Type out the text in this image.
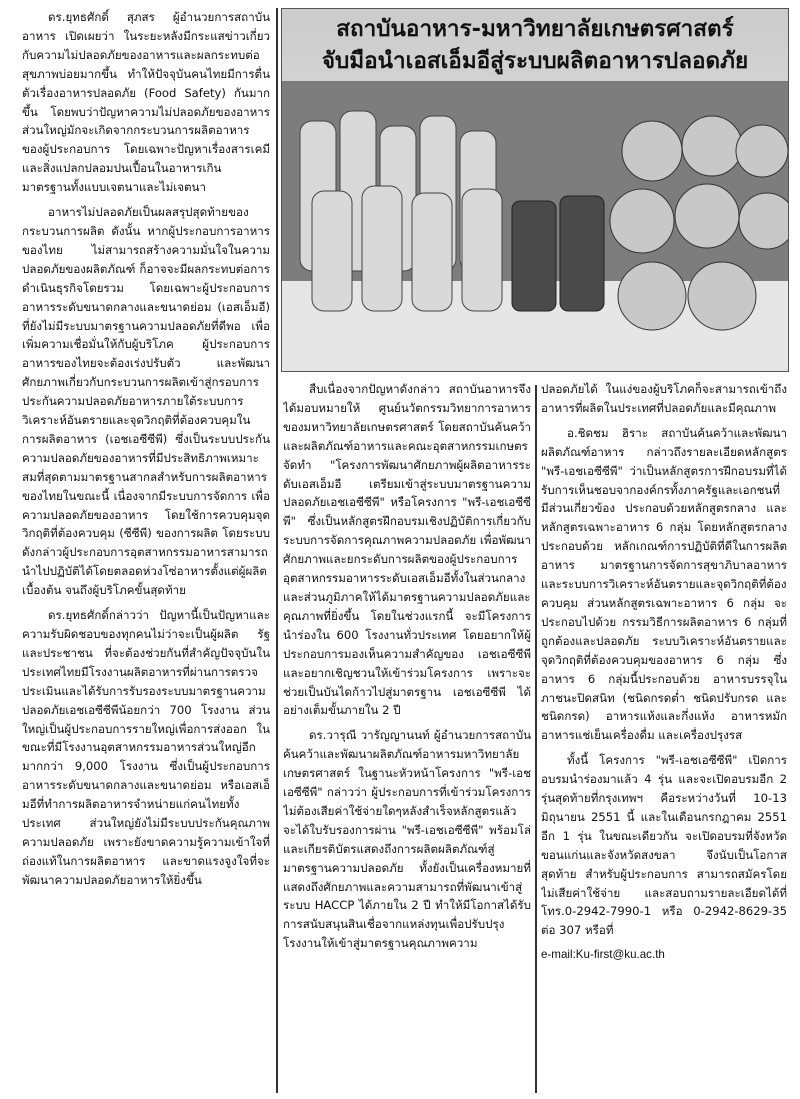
สถาบันอาหาร-มหาวิทยาลัยเกษตรศาสตร์
จับมือนำเอสเอ็มอีสู่ระบบผลิตอาหารปลอดภัย

ดร.ยุทธศักดิ์ สุภสร ผู้อำนวยการสถาบันอาหาร เปิดเผยว่า ในระยะหลังมีกระแสข่าวเกี่ยวกับความไม่ปลอดภัยของอาหารและผลกระทบต่อสุขภาพบ่อยมากขึ้น ทำให้ปัจจุบันคนไทยมีการตื่นตัวเรื่องอาหารปลอดภัย (Food Safety) กันมากขึ้น โดยพบว่าปัญหาความไม่ปลอดภัยของอาหารส่วนใหญ่มักจะเกิดจากกระบวนการผลิตอาหารของผู้ประกอบการ โดยเฉพาะปัญหาเรื่องสารเคมีและสิ่งแปลกปลอมปนเปื้อนในอาหารเกินมาตรฐานทั้งแบบเจตนาและไม่เจตนา

อาหารไม่ปลอดภัยเป็นผลสรุปสุดท้ายของกระบวนการผลิต ดังนั้น หากผู้ประกอบการอาหารของไทย ไม่สามารถสร้างความมั่นใจในความปลอดภัยของผลิตภัณฑ์ ก็อาจจะมีผลกระทบต่อการดำเนินธุรกิจโดยรวม โดยเฉพาะผู้ประกอบการอาหารระดับขนาดกลางและขนาดย่อม (เอสเอ็มอี) ที่ยังไม่มีระบบมาตรฐานความปลอดภัยที่ดีพอ เพื่อเพิ่มความเชื่อมั่นให้กับผู้บริโภค ผู้ประกอบการอาหารของไทยจะต้องเร่งปรับตัว และพัฒนาศักยภาพเกี่ยวกับกระบวนการผลิตเข้าสู่กรอบการประกันความปลอดภัยอาหารภายใต้ระบบการวิเคราะห์อันตรายและจุดวิกฤติที่ต้องควบคุมในการผลิตอาหาร (เอชเอซีซีพี) ซึ่งเป็นระบบประกันความปลอดภัยของอาหารที่มีประสิทธิภาพเหมาะสมที่สุดตามมาตรฐานสากลสำหรับการผลิตอาหารของไทยในขณะนี้ เนื่องจากมีระบบการจัดการ เพื่อความปลอดภัยของอาหาร โดยใช้การควบคุมจุดวิกฤติที่ต้องควบคุม (ซีซีพี) ของการผลิต โดยระบบดังกล่าวผู้ประกอบการอุตสาหกรรมอาหารสามารถนำไปปฏิบัติได้โดยตลอดห่วงโซ่อาหารตั้งแต่ผู้ผลิตเบื้องต้น จนถึงผู้บริโภคขั้นสุดท้าย

ดร.ยุทธศักดิ์กล่าวว่า ปัญหานี้เป็นปัญหาและความรับผิดชอบของทุกคนไม่ว่าจะเป็นผู้ผลิต รัฐ และประชาชน ที่จะต้องช่วยกันที่สำคัญปัจจุบันในประเทศไทยมีโรงงานผลิตอาหารที่ผ่านการตรวจประเมินและได้รับการรับรองระบบมาตรฐานความปลอดภัยเอชเอซีซีพีน้อยกว่า 700 โรงงาน ส่วนใหญ่เป็นผู้ประกอบการรายใหญ่เพื่อการส่งออก ในขณะที่มีโรงงานอุตสาหกรรมอาหารส่วนใหญ่อีกมากกว่า 9,000 โรงงาน ซึ่งเป็นผู้ประกอบการอาหารระดับขนาดกลางและขนาดย่อม หรือเอสเอ็มอีที่ทำการผลิตอาหารจำหน่ายแก่คนไทยทั้งประเทศ ส่วนใหญ่ยังไม่มีระบบประกันคุณภาพความปลอดภัย เพราะยังขาดความรู้ความเข้าใจที่ถ่องแท้ในการผลิตอาหาร และขาดแรงจูงใจที่จะพัฒนาความปลอดภัยอาหารให้ยิ่งขึ้น

สืบเนื่องจากปัญหาดังกล่าว สถาบันอาหารจึงได้มอบหมายให้ ศูนย์นวัตกรรมวิทยาการอาหารของมหาวิทยาลัยเกษตรศาสตร์ โดยสถาบันค้นคว้าและผลิตภัณฑ์อาหารและคณะอุตสาหกรรมเกษตร จัดทำ "โครงการพัฒนาศักยภาพผู้ผลิตอาหารระดับเอสเอ็มอี เตรียมเข้าสู่ระบบมาตรฐานความปลอดภัยเอชเอซีซีพี" หรือโครงการ "พรี-เอชเอซีซีพี" ซึ่งเป็นหลักสูตรฝึกอบรมเชิงปฏิบัติการเกี่ยวกับระบบการจัดการคุณภาพความปลอดภัย เพื่อพัฒนาศักยภาพและยกระดับการผลิตของผู้ประกอบการอุตสาหกรรมอาหารระดับเอสเอ็มอีทั้งในส่วนกลางและส่วนภูมิภาคให้ได้มาตรฐานความปลอดภัยและคุณภาพที่ยิ่งขึ้น โดยในช่วงแรกนี้ จะมีโครงการนำร่องใน 600 โรงงานทั่วประเทศ โดยอยากให้ผู้ประกอบการมองเห็นความสำคัญของ เอชเอซีซีพี และอยากเชิญชวนให้เข้าร่วมโครงการ เพราะจะช่วยเป็นบันไดก้าวไปสู่มาตรฐาน เอชเอซีซีพี ได้อย่างเต็มขั้นภายใน 2 ปี

ดร.วารุณี วารัญญานนท์ ผู้อำนวยการสถาบันค้นคว้าและพัฒนาผลิตภัณฑ์อาหารมหาวิทยาลัยเกษตรศาสตร์ ในฐานะหัวหน้าโครงการ "พรี-เอชเอซีซีพี" กล่าวว่า ผู้ประกอบการที่เข้าร่วมโครงการไม่ต้องเสียค่าใช้จ่ายใดๆหลังสำเร็จหลักสูตรแล้ว จะได้ใบรับรองการผ่าน "พรี-เอชเอซีซีพี" พร้อมโล่และเกียรติบัตรแสดงถึงการผลิตผลิตภัณฑ์สู่มาตรฐานความปลอดภัย ทั้งยังเป็นเครื่องหมายที่แสดงถึงศักยภาพและความสามารถที่พัฒนาเข้าสู่ระบบ HACCP ได้ภายใน 2 ปี ทำให้มีโอกาสได้รับการสนับสนุนสินเชื่อจากแหล่งทุนเพื่อปรับปรุงโรงงานให้เข้าสู่มาตรฐานคุณภาพความ

ปลอดภัยได้ ในแง่ของผู้บริโภคก็จะสามารถเข้าถึงอาหารที่ผลิตในประเทศที่ปลอดภัยและมีคุณภาพ

อ.ชิดชม ฮิราะ สถาบันค้นคว้าและพัฒนาผลิตภัณฑ์อาหาร กล่าวถึงรายละเอียดหลักสูตร "พรี-เอชเอซีซีพี" ว่าเป็นหลักสูตรการฝึกอบรมที่ได้รับการเห็นชอบจากองค์กรทั้งภาครัฐและเอกชนที่มีส่วนเกี่ยวข้อง ประกอบด้วยหลักสูตรกลาง และหลักสูตรเฉพาะอาหาร 6 กลุ่ม โดยหลักสูตรกลาง ประกอบด้วย หลักเกณฑ์การปฏิบัติที่ดีในการผลิตอาหาร มาตรฐานการจัดการสุขาภิบาลอาหาร และระบบการวิเคราะห์อันตรายและจุดวิกฤติที่ต้องควบคุม ส่วนหลักสูตรเฉพาะอาหาร 6 กลุ่ม จะประกอบไปด้วย กรรมวิธีการผลิตอาหาร 6 กลุ่มที่ถูกต้องและปลอดภัย ระบบวิเคราะห์อันตรายและจุดวิกฤติที่ต้องควบคุมของอาหาร 6 กลุ่ม ซึ่งอาหาร 6 กลุ่มนี้ประกอบด้วย อาหารบรรจุในภาชนะปิดสนิท (ชนิดกรดต่ำ ชนิดปรับกรด และชนิดกรด) อาหารแห้งและกึ่งแห้ง อาหารหมัก อาหารแช่เย็นเครื่องดื่ม และเครื่องปรุงรส

ทั้งนี้ โครงการ "พรี-เอชเอซีซีพี" เปิดการอบรมนำร่องมาแล้ว 4 รุ่น และจะเปิดอบรมอีก 2 รุ่นสุดท้ายที่กรุงเทพฯ คือระหว่างวันที่ 10-13 มิถุนายน 2551 นี้ และในเดือนกรกฎาคม 2551 อีก 1 รุ่น ในขณะเดียวกัน จะเปิดอบรมที่จังหวัดขอนแก่นและจังหวัดสงขลา จึงนับเป็นโอกาสสุดท้าย สำหรับผู้ประกอบการ สามารถสมัครโดยไม่เสียค่าใช้จ่าย และสอบถามรายละเอียดได้ที่โทร.0-2942-7990-1 หรือ 0-2942-8629-35 ต่อ 307 หรือที่

e-mail:Ku-first@ku.ac.th
